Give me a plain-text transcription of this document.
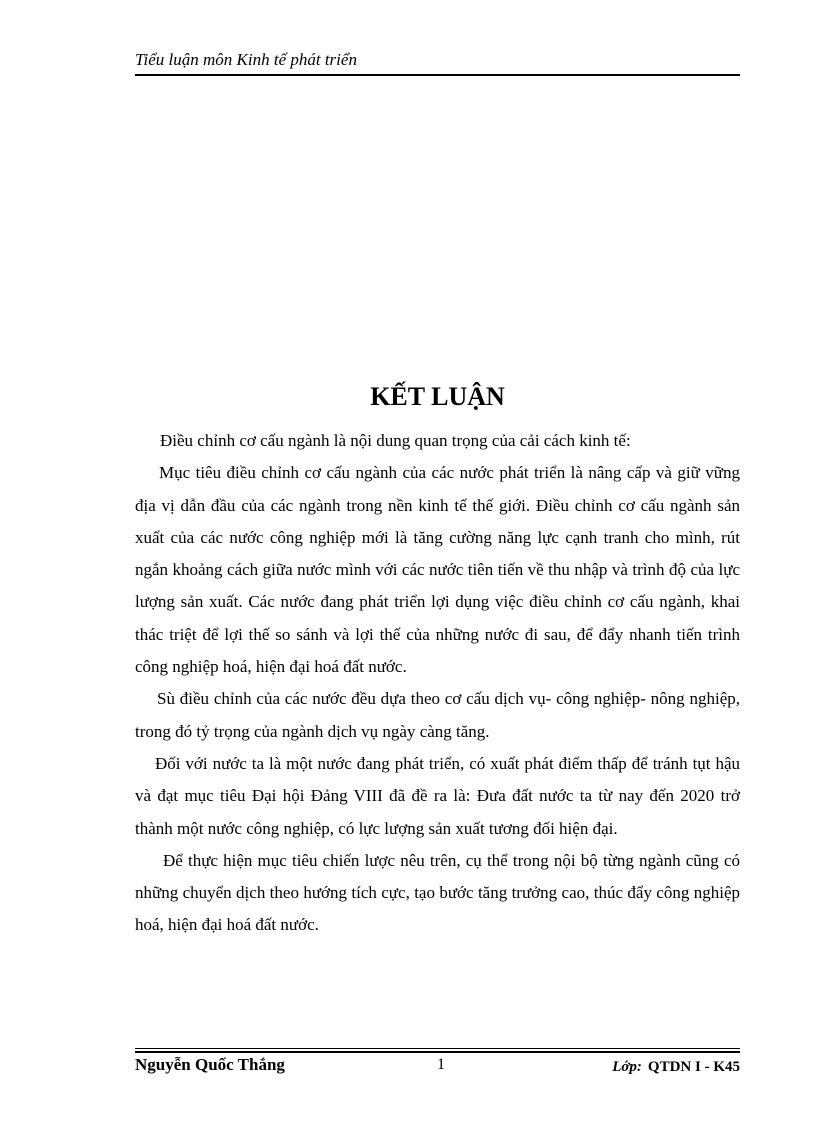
Tiểu luận môn Kinh tế phát triển
KẾT LUẬN

Điều chỉnh cơ cấu ngành là nội dung quan trọng của cải cách kinh tế:

Mục tiêu điều chỉnh cơ cấu ngành của các nước phát triển là nâng cấp và giữ vững địa vị dẫn đầu của các ngành trong nền kinh tế thế giới. Điều chỉnh cơ cấu ngành sản xuất của các nước công nghiệp mới là tăng cường năng lực cạnh tranh cho mình, rút ngắn khoảng cách giữa nước mình với các nước tiên tiến về thu nhập và trình độ của lực lượng sản xuất. Các nước đang phát triển lợi dụng việc điều chỉnh cơ cấu ngành, khai thác triệt để lợi thế so sánh và lợi thế của những nước đi sau, để đẩy nhanh tiến trình công nghiệp hoá, hiện đại hoá đất nước.

Sù điều chỉnh của các nước đều dựa theo cơ cấu dịch vụ- công nghiệp- nông nghiệp, trong đó tỷ trọng của ngành dịch vụ ngày càng tăng.

Đối với nước ta là một nước đang phát triển, có xuất phát điểm thấp để tránh tụt hậu và đạt mục tiêu Đại hội Đảng VIII đã đề ra là: Đưa đất nước ta từ nay đến 2020 trở thành một nước công nghiệp, có lực lượng sản xuất tương đối hiện đại.

Để thực hiện mục tiêu chiến lược nêu trên, cụ thể trong nội bộ từng ngành cũng có những chuyển dịch theo hướng tích cực, tạo bước tăng trưởng cao, thúc đẩy công nghiệp hoá, hiện đại hoá đất nước.

Nguyễn Quốc Thắng	1	Lớp: QTDN I - K45
